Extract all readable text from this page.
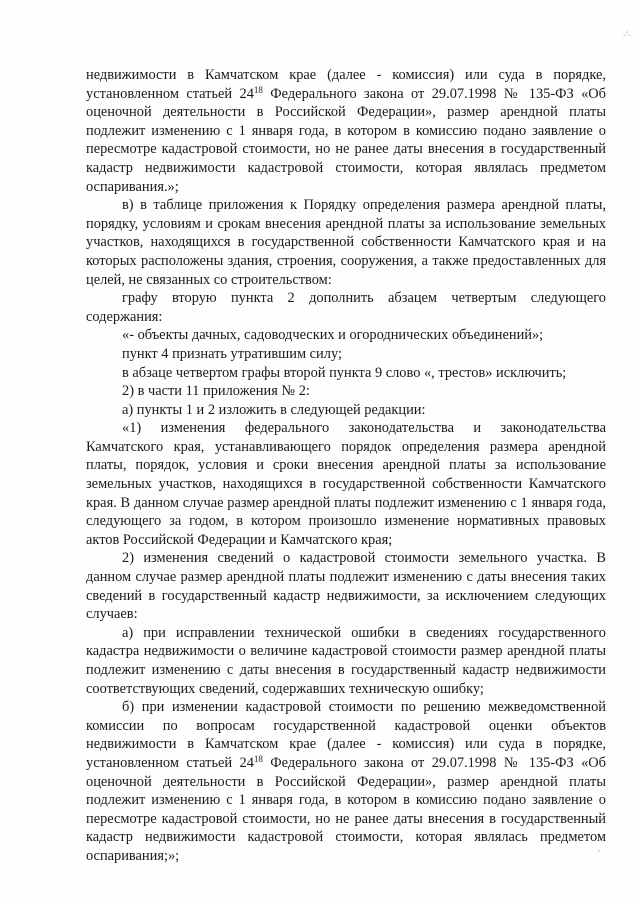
-;

недвижимости в Камчатском крае (далее - комиссия) или суда в порядке, установленном статьей $24^{18}$ Федерального закона от 29.07.1998 № 135-ФЗ «Об оценочной деятельности в Российской Федерации», размер арендной платы подлежит изменению с 1 января года, в котором в комиссию подано заявление о пересмотре кадастровой стоимости, но не ранее даты внесения в государственный кадастр недвижимости кадастровой стоимости, которая являлась предметом оспаривания.»;

в) в таблице приложения к Порядку определения размера арендной платы, порядку, условиям и срокам внесения арендной платы за использование земельных участков, находящихся в государственной собственности Камчатского края и на которых расположены здания, строения, сооружения, а также предоставленных для целей, не связанных со строительством:

графу вторую пункта 2 дополнить абзацем четвертым следующего содержания:

«- объекты дачных, садоводческих и огороднических объединений»;

пункт 4 признать утратившим силу;

в абзаце четвертом графы второй пункта 9 слово «, трестов» исключить;

2) в части 11 приложения № 2:

а) пункты 1 и 2 изложить в следующей редакции:

«1) изменения федерального законодательства и законодательства Камчатского края, устанавливающего порядок определения размера арендной платы, порядок, условия и сроки внесения арендной платы за использование земельных участков, находящихся в государственной собственности Камчатского края. В данном случае размер арендной платы подлежит изменению с 1 января года, следующего за годом, в котором произошло изменение нормативных правовых актов Российской Федерации и Камчатского края;

2) изменения сведений о кадастровой стоимости земельного участка. В данном случае размер арендной платы подлежит изменению с даты внесения таких сведений в государственный кадастр недвижимости, за исключением следующих случаев:

а) при исправлении технической ошибки в сведениях государственного кадастра недвижимости о величине кадастровой стоимости размер арендной платы подлежит изменению с даты внесения в государственный кадастр недвижимости соответствующих сведений, содержавших техническую ошибку;

б) при изменении кадастровой стоимости по решению межведомственной комиссии по вопросам государственной кадастровой оценки объектов недвижимости в Камчатском крае (далее - комиссия) или суда в порядке, установленном статьей $24^{18}$ Федерального закона от 29.07.1998 № 135-ФЗ «Об оценочной деятельности в Российской Федерации», размер арендной платы подлежит изменению с 1 января года, в котором в комиссию подано заявление о пересмотре кадастровой стоимости, но не ранее даты внесения в государственный кадастр недвижимости кадастровой стоимости, которая являлась предметом оспаривания;»;
